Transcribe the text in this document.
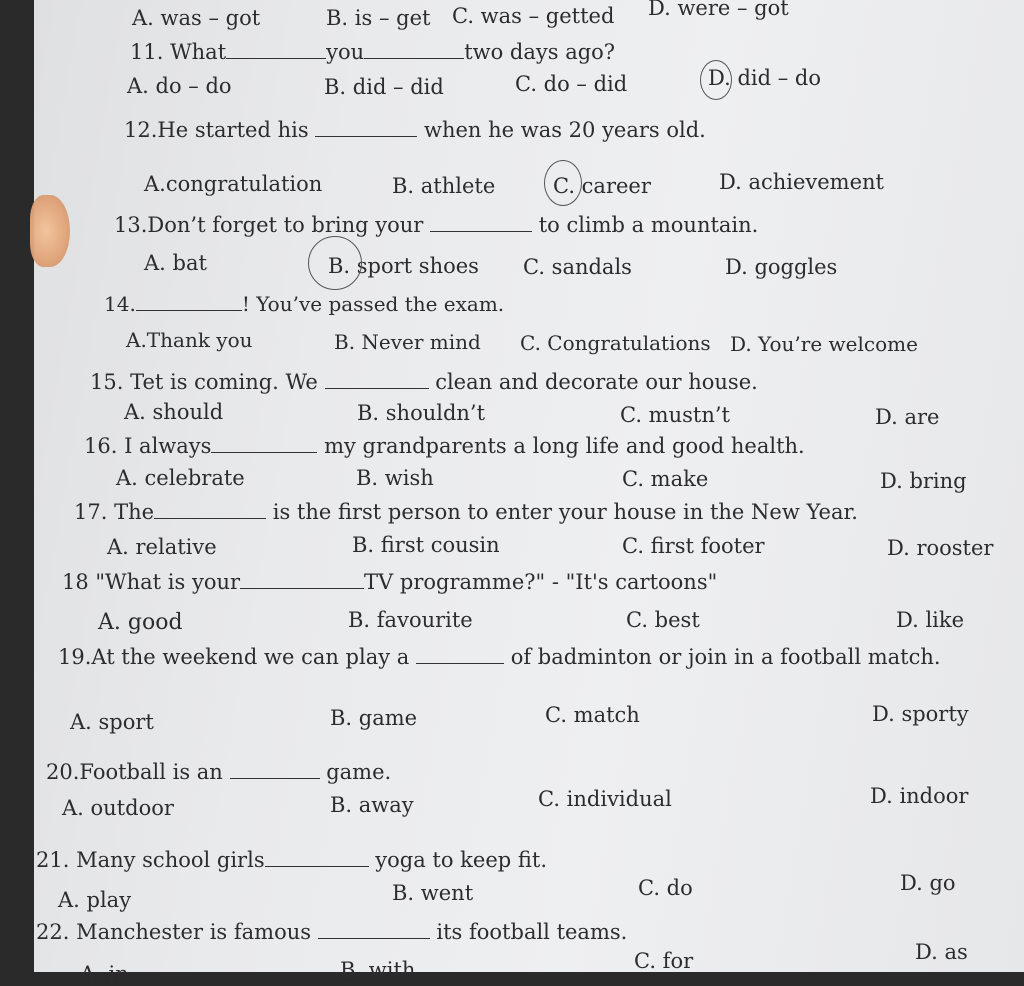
A. was – got	B. is – get C. was – getted D. were – got
11. What	you	two days ago?
A. do – do	B. did – did	C. do – did	D. did – do
12.He started his	when he was 20 years old.
A.congratulation	B. athlete	C. career	D. achievement
13.Don’t forget to bring your	to climb a mountain.
A. bat	B. sport shoes C. sandals	D. goggles
14.	! You’ve passed the exam.
A.Thank you	B. Never mind C. Congratulations D. You’re welcome
15. Tet is coming. We	clean and decorate our house.
A. should	B. shouldn’t	C. mustn’t	D. are
16. I always	my grandparents a long life and good health.
A. celebrate	B. wish	C. make	D. bring
17. The	is the first person to enter your house in the New Year.
A. relative	B. first cousin	C. first footer	D. rooster
18 "What is your	TV programme?" - "It's cartoons"
A. good	B. favourite	C. best	D. like
19.At the weekend we can play a	of badminton or join in a football match.
A. sport	B. game	C. match	D. sporty
20.Football is an	game.
A. outdoor	B. away	C. individual	D. indoor
21. Many school girls	yoga to keep fit.
A. play	B. went	C. do	D. go
22. Manchester is famous	its football teams.
A. in	B. with	C. for	D. as
